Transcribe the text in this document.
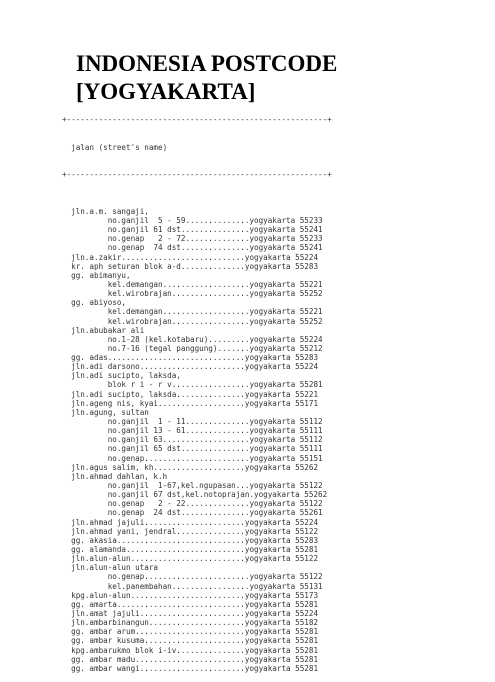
INDONESIA POSTCODE
[YOGYAKARTA]

+---------------------------------------------------------+

jalan (street's name)

+---------------------------------------------------------+

jln.a.m. sangaji,
no.ganjil  5 - 59..............yogyakarta 55233
no.ganjil 61 dst...............yogyakarta 55241
no.genap   2 - 72..............yogyakarta 55233
no.genap  74 dst...............yogyakarta 55241
jln.a.zakir...........................yogyakarta 55224
kr. aph seturan blok a-d..............yogyakarta 55283
gg. abimanyu,
kel.demangan...................yogyakarta 55221
kel.wirobrajan.................yogyakarta 55252
gg. abiyoso,
kel.demangan...................yogyakarta 55221
kel.wirobrajan.................yogyakarta 55252
jln.abubakar ali
no.1-28 (kel.kotabaru).........yogyakarta 55224
no.7-16 (tegal panggung).......yogyakarta 55212
gg. adas..............................yogyakarta 55283
jln.adi darsono.......................yogyakarta 55224
jln.adi sucipto, laksda,
blok r i - r v.................yogyakarta 55281
jln.adi sucipto, laksda...............yogyakarta 55221
jln.ageng nis, kyai...................yogyakarta 55171
jln.agung, sultan
no.ganjil  1 - 11..............yogyakarta 55112
no.ganjil 13 - 61..............yogyakarta 55111
no.ganjil 63...................yogyakarta 55112
no.ganjil 65 dst...............yogyakarta 55111
no.genap.......................yogyakarta 55151
jln.agus salim, kh....................yogyakarta 55262
jln.ahmad dahlan, k.h
no.ganjil  1-67,kel.ngupasan...yogyakarta 55122
no.ganjil 67 dst,kel.notoprajan.yogyakarta 55262
no.genap   2 - 22..............yogyakarta 55122
no.genap  24 dst...............yogyakarta 55261
jln.ahmad jajuli......................yogyakarta 55224
jln.ahmad yani, jendral...............yogyakarta 55122
gg. akasia............................yogyakarta 55283
gg. alamanda..........................yogyakarta 55281
jln.alun-alun.........................yogyakarta 55122
jln.alun-alun utara
no.genap.......................yogyakarta 55122
kel.panembahan.................yogyakarta 55131
kpg.alun-alun.........................yogyakarta 55173
gg. amarta............................yogyakarta 55281
jln.amat jajuli.......................yogyakarta 55224
jln.ambarbinangun.....................yogyakarta 55182
gg. ambar arum........................yogyakarta 55281
gg. ambar kusuma......................yogyakarta 55281
kpg.ambarukmo blok i-iv...............yogyakarta 55281
gg. ambar madu........................yogyakarta 55281
gg. ambar wangi.......................yogyakarta 55281
